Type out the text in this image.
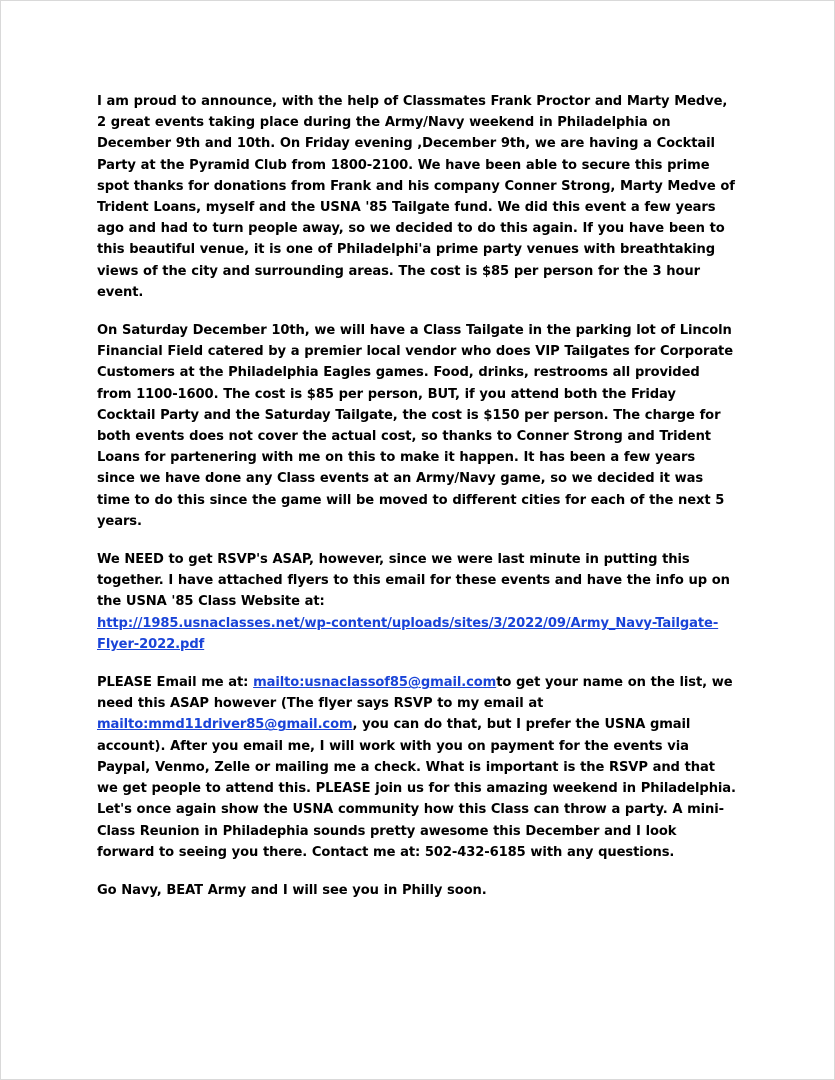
I am proud to announce, with the help of Classmates Frank Proctor and Marty Medve, 2 great events taking place during the Army/Navy weekend in Philadelphia on December 9th and 10th. On Friday evening ,December 9th, we are having a Cocktail Party at the Pyramid Club from 1800-2100. We have been able to secure this prime spot thanks for donations from Frank and his company Conner Strong, Marty Medve of Trident Loans, myself and the USNA '85 Tailgate fund. We did this event a few years ago and had to turn people away, so we decided to do this again. If you have been to this beautiful venue, it is one of Philadelphi'a prime party venues with breathtaking views of the city and surrounding areas. The cost is $85 per person for the 3 hour event.

On Saturday December 10th, we will have a Class Tailgate in the parking lot of Lincoln Financial Field catered by a premier local vendor who does VIP Tailgates for Corporate Customers at the Philadelphia Eagles games. Food, drinks, restrooms all provided from 1100-1600. The cost is $85 per person, BUT, if you attend both the Friday Cocktail Party and the Saturday Tailgate, the cost is $150 per person. The charge for both events does not cover the actual cost, so thanks to Conner Strong and Trident Loans for partenering with me on this to make it happen. It has been a few years since we have done any Class events at an Army/Navy game, so we decided it was time to do this since the game will be moved to different cities for each of the next 5 years.

We NEED to get RSVP's ASAP, however, since we were last minute in putting this together. I have attached flyers to this email for these events and have the info up on the USNA '85 Class Website at:
http://1985.usnaclasses.net/wp-content/uploads/sites/3/2022/09/Army_Navy-Tailgate-Flyer-2022.pdf

PLEASE Email me at: mailto:usnaclassof85@gmail.comto get your name on the list, we need this ASAP however (The flyer says RSVP to my email at mailto:mmd11driver85@gmail.com, you can do that, but I prefer the USNA gmail account). After you email me, I will work with you on payment for the events via Paypal, Venmo, Zelle or mailing me a check. What is important is the RSVP and that we get people to attend this. PLEASE join us for this amazing weekend in Philadelphia. Let's once again show the USNA community how this Class can throw a party. A mini-Class Reunion in Philadephia sounds pretty awesome this December and I look forward to seeing you there. Contact me at: 502-432-6185 with any questions.

Go Navy, BEAT Army and I will see you in Philly soon.
